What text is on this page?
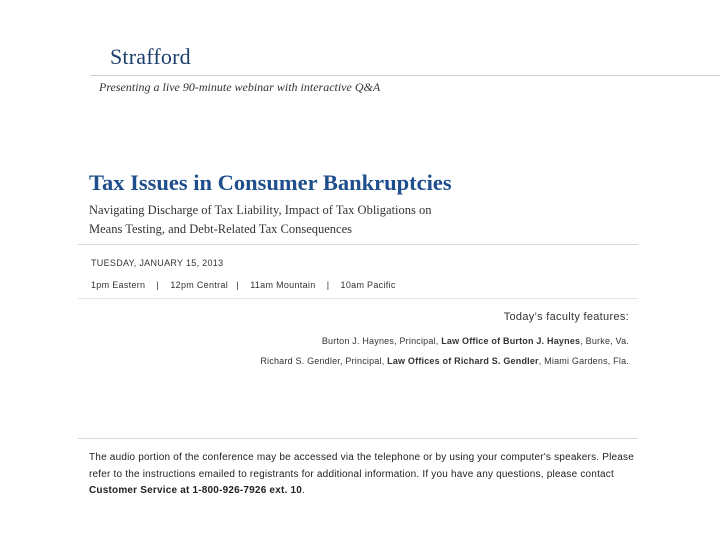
Strafford
Presenting a live 90-minute webinar with interactive Q&A
Tax Issues in Consumer Bankruptcies
Navigating Discharge of Tax Liability, Impact of Tax Obligations on
Means Testing, and Debt-Related Tax Consequences
TUESDAY, JANUARY 15, 2013
1pm Eastern    |    12pm Central   |    11am Mountain    |    10am Pacific
Today’s faculty features:
Burton J. Haynes, Principal, Law Office of Burton J. Haynes, Burke, Va.
Richard S. Gendler, Principal, Law Offices of Richard S. Gendler, Miami Gardens, Fla.
The audio portion of the conference may be accessed via the telephone or by using your computer's speakers. Please refer to the instructions emailed to registrants for additional information. If you have any questions, please contact Customer Service at 1-800-926-7926 ext. 10.
